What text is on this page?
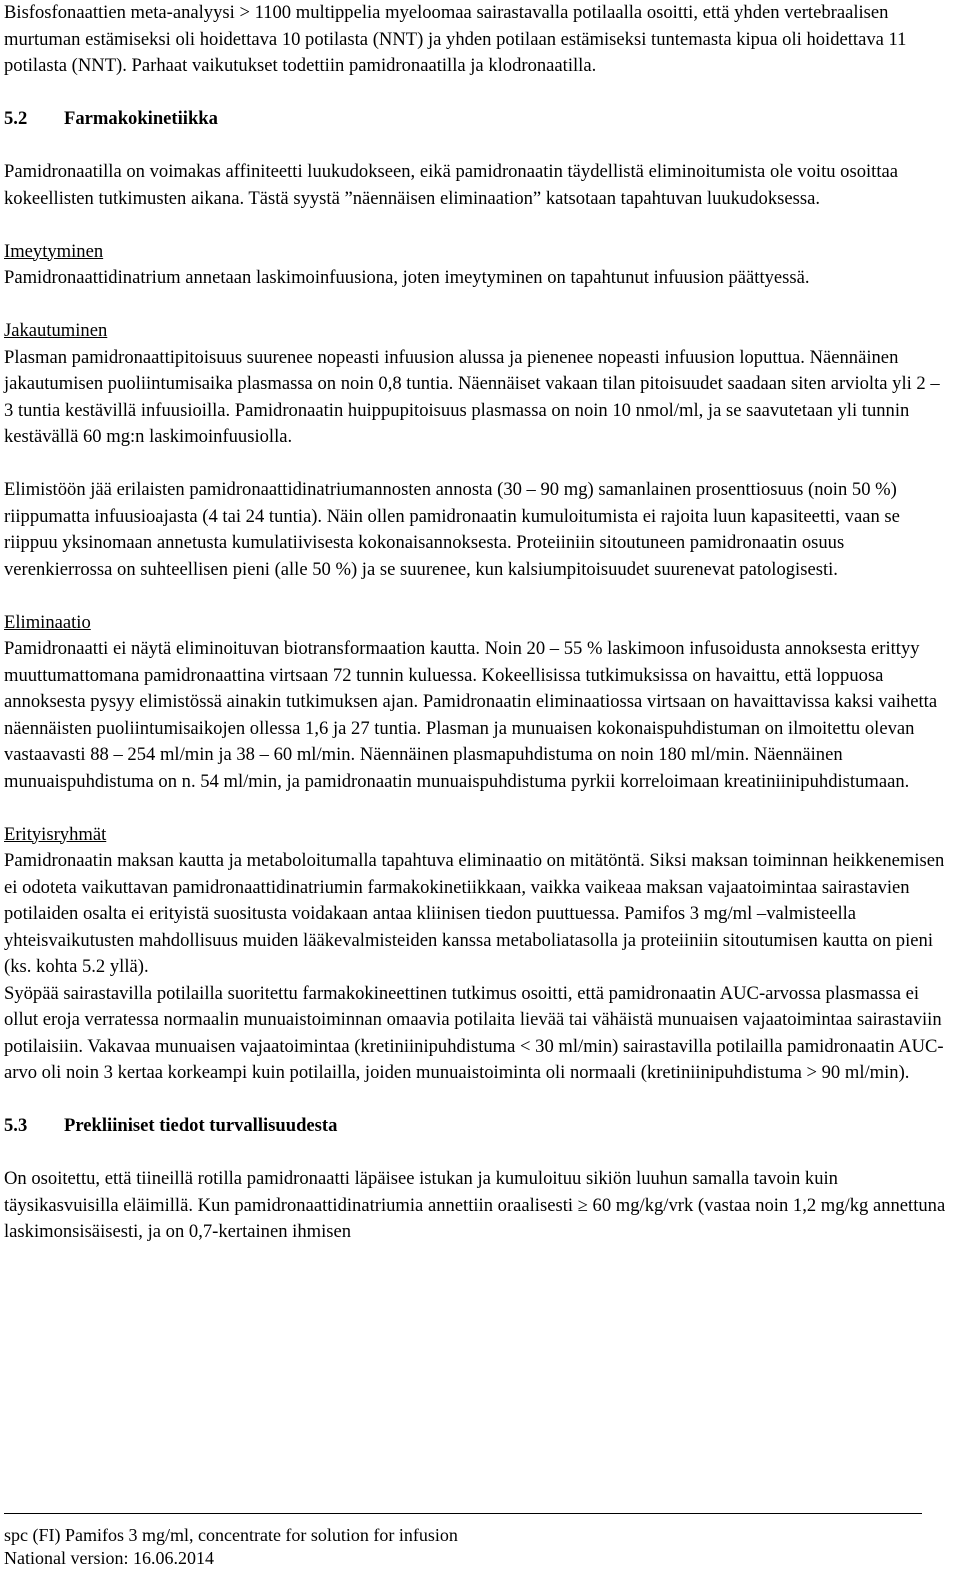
Bisfosfonaattien meta-analyysi > 1100 multippelia myeloomaa sairastavalla potilaalla osoitti, että yhden vertebraalisen murtuman estämiseksi oli hoidettava 10 potilasta (NNT) ja yhden potilaan estämiseksi tuntemasta kipua oli hoidettava 11 potilasta (NNT). Parhaat vaikutukset todettiin pamidronaatilla ja klodronaatilla.

5.2 Farmakokinetiikka

Pamidronaatilla on voimakas affiniteetti luukudokseen, eikä pamidronaatin täydellistä eliminoitumista ole voitu osoittaa kokeellisten tutkimusten aikana. Tästä syystä ”näennäisen eliminaation” katsotaan tapahtuvan luukudoksessa.

Imeytyminen

Pamidronaattidinatrium annetaan laskimoinfuusiona, joten imeytyminen on tapahtunut infuusion päättyessä.

Jakautuminen

Plasman pamidronaattipitoisuus suurenee nopeasti infuusion alussa ja pienenee nopeasti infuusion loputtua. Näennäinen jakautumisen puoliintumisaika plasmassa on noin 0,8 tuntia. Näennäiset vakaan tilan pitoisuudet saadaan siten arviolta yli 2 – 3 tuntia kestävillä infuusioilla. Pamidronaatin huippupitoisuus plasmassa on noin 10 nmol/ml, ja se saavutetaan yli tunnin kestävällä 60 mg:n laskimoinfuusiolla.

Elimistöön jää erilaisten pamidronaattidinatriumannosten annosta (30 – 90 mg) samanlainen prosenttiosuus (noin 50 %) riippumatta infuusioajasta (4 tai 24 tuntia). Näin ollen pamidronaatin kumuloitumista ei rajoita luun kapasiteetti, vaan se riippuu yksinomaan annetusta kumulatiivisesta kokonaisannoksesta. Proteiiniin sitoutuneen pamidronaatin osuus verenkierrossa on suhteellisen pieni (alle 50 %) ja se suurenee, kun kalsiumpitoisuudet suurenevat patologisesti.

Eliminaatio

Pamidronaatti ei näytä eliminoituvan biotransformaation kautta. Noin 20 – 55 % laskimoon infusoidusta annoksesta erittyy muuttumattomana pamidronaattina virtsaan 72 tunnin kuluessa. Kokeellisissa tutkimuksissa on havaittu, että loppuosa annoksesta pysyy elimistössä ainakin tutkimuksen ajan. Pamidronaatin eliminaatiossa virtsaan on havaittavissa kaksi vaihetta näennäisten puoliintumisaikojen ollessa 1,6 ja 27 tuntia. Plasman ja munuaisen kokonaispuhdistuman on ilmoitettu olevan vastaavasti 88 – 254 ml/min ja 38 – 60 ml/min. Näennäinen plasmapuhdistuma on noin 180 ml/min. Näennäinen munuaispuhdistuma on n. 54 ml/min, ja pamidronaatin munuaispuhdistuma pyrkii korreloimaan kreatiniinipuhdistumaan.

Erityisryhmät

Pamidronaatin maksan kautta ja metaboloitumalla tapahtuva eliminaatio on mitätöntä. Siksi maksan toiminnan heikkenemisen ei odoteta vaikuttavan pamidronaattidinatriumin farmakokinetiikkaan, vaikka vaikeaa maksan vajaatoimintaa sairastavien potilaiden osalta ei erityistä suositusta voidakaan antaa kliinisen tiedon puuttuessa. Pamifos 3 mg/ml –valmisteella yhteisvaikutusten mahdollisuus muiden lääkevalmisteiden kanssa metaboliatasolla ja proteiiniin sitoutumisen kautta on pieni (ks. kohta 5.2 yllä).

Syöpää sairastavilla potilailla suoritettu farmakokineettinen tutkimus osoitti, että pamidronaatin AUC-arvossa plasmassa ei ollut eroja verratessa normaalin munuaistoiminnan omaavia potilaita lievää tai vähäistä munuaisen vajaatoimintaa sairastaviin potilaisiin. Vakavaa munuaisen vajaatoimintaa (kretiniinipuhdistuma < 30 ml/min) sairastavilla potilailla pamidronaatin AUC-arvo oli noin 3 kertaa korkeampi kuin potilailla, joiden munuaistoiminta oli normaali (kretiniinipuhdistuma > 90 ml/min).

5.3 Prekliiniset tiedot turvallisuudesta

On osoitettu, että tiineillä rotilla pamidronaatti läpäisee istukan ja kumuloituu sikiön luuhun samalla tavoin kuin täysikasvuisilla eläimillä. Kun pamidronaattidinatriumia annettiin oraalisesti ≥ 60 mg/kg/vrk (vastaa noin 1,2 mg/kg annettuna laskimonsisäisesti, ja on 0,7-kertainen ihmisen

spc (FI) Pamifos 3 mg/ml, concentrate for solution for infusion
National version: 16.06.2014
